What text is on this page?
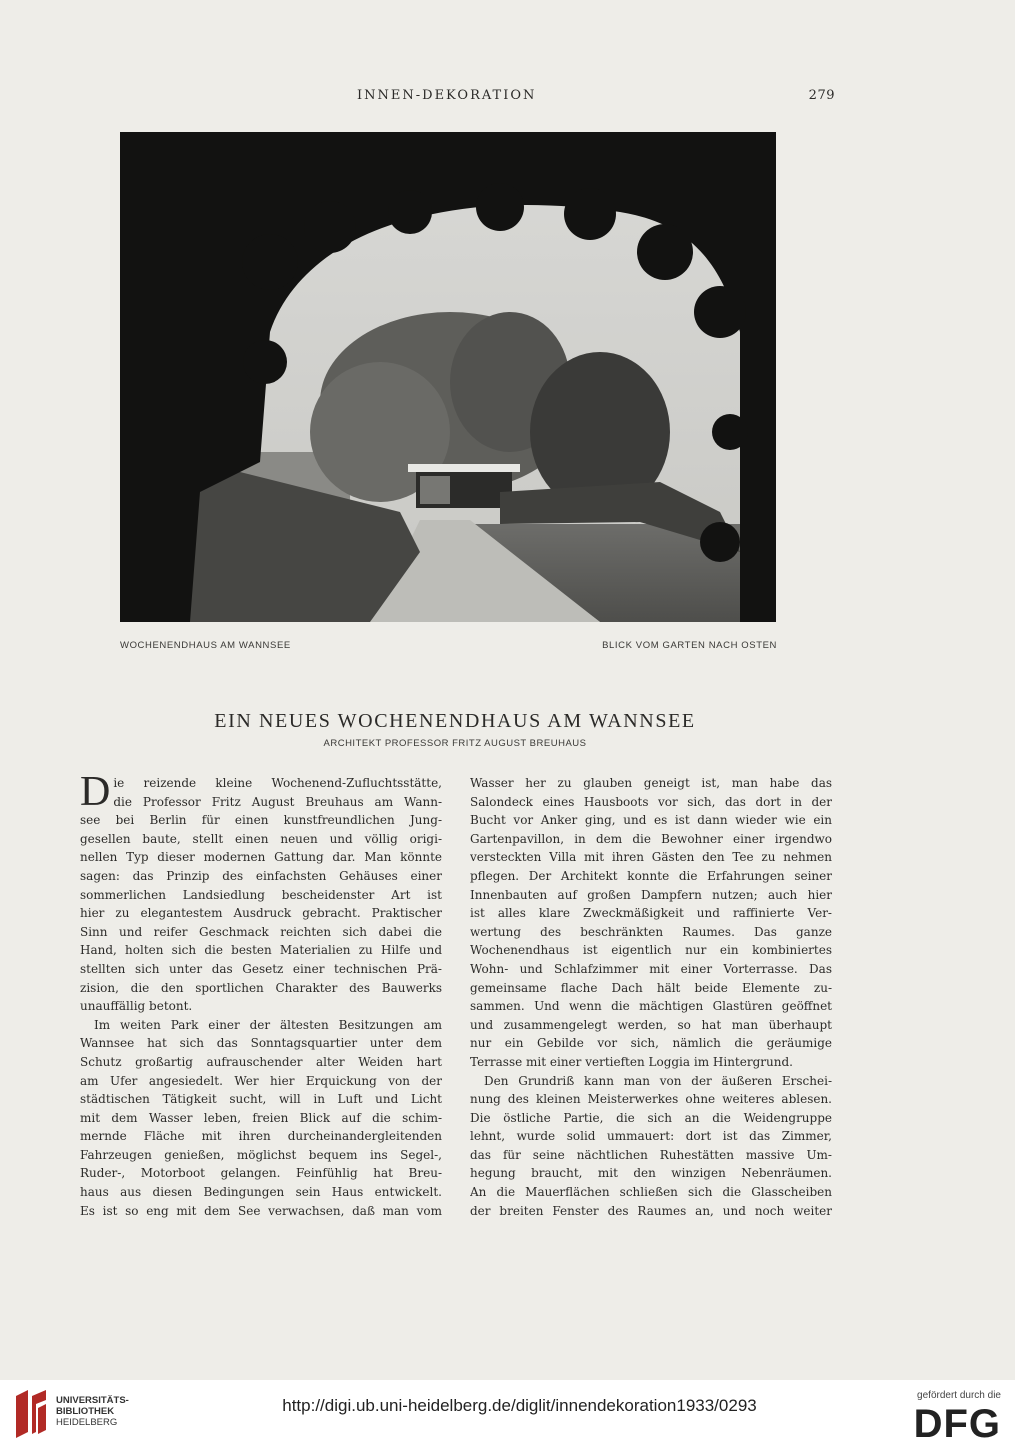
INNEN-DEKORATION	279
WOCHENENDHAUS AM WANNSEE	BLICK VOM GARTEN NACH OSTEN
EIN NEUES WOCHENENDHAUS AM WANNSEE
ARCHITEKT PROFESSOR FRITZ AUGUST BREUHAUS
D ie reizende kleine Wochenend-Zufluchtsstätte,
die Professor Fritz August Breuhaus am Wann-
see bei Berlin für einen kunstfreundlichen Jung-
gesellen baute, stellt einen neuen und völlig origi-
nellen Typ dieser modernen Gattung dar. Man könnte
sagen: das Prinzip des einfachsten Gehäuses einer
sommerlichen Landsiedlung bescheidenster Art ist
hier zu elegantestem Ausdruck gebracht. Praktischer
Sinn und reifer Geschmack reichten sich dabei die
Hand, holten sich die besten Materialien zu Hilfe und
stellten sich unter das Gesetz einer technischen Prä-
zision, die den sportlichen Charakter des Bauwerks
unauffällig betont.
Im weiten Park einer der ältesten Besitzungen am
Wannsee hat sich das Sonntagsquartier unter dem
Schutz großartig aufrauschender alter Weiden hart
am Ufer angesiedelt. Wer hier Erquickung von der
städtischen Tätigkeit sucht, will in Luft und Licht
mit dem Wasser leben, freien Blick auf die schim-
mernde Fläche mit ihren durcheinandergleitenden
Fahrzeugen genießen, möglichst bequem ins Segel-,
Ruder-, Motorboot gelangen. Feinfühlig hat Breu-
haus aus diesen Bedingungen sein Haus entwickelt.
Es ist so eng mit dem See verwachsen, daß man vom
Wasser her zu glauben geneigt ist, man habe das
Salondeck eines Hausboots vor sich, das dort in der
Bucht vor Anker ging, und es ist dann wieder wie ein
Gartenpavillon, in dem die Bewohner einer irgendwo
versteckten Villa mit ihren Gästen den Tee zu nehmen
pflegen. Der Architekt konnte die Erfahrungen seiner
Innenbauten auf großen Dampfern nutzen; auch hier
ist alles klare Zweckmäßigkeit und raffinierte Ver-
wertung des beschränkten Raumes. Das ganze
Wochenendhaus ist eigentlich nur ein kombiniertes
Wohn- und Schlafzimmer mit einer Vorterrasse. Das
gemeinsame flache Dach hält beide Elemente zu-
sammen. Und wenn die mächtigen Glastüren geöffnet
und zusammengelegt werden, so hat man überhaupt
nur ein Gebilde vor sich, nämlich die geräumige
Terrasse mit einer vertieften Loggia im Hintergrund.
Den Grundriß kann man von der äußeren Erschei-
nung des kleinen Meisterwerkes ohne weiteres ablesen.
Die östliche Partie, die sich an die Weidengruppe
lehnt, wurde solid ummauert: dort ist das Zimmer,
das für seine nächtlichen Ruhestätten massive Um-
hegung braucht, mit den winzigen Nebenräumen.
An die Mauerflächen schließen sich die Glasscheiben
der breiten Fenster des Raumes an, und noch weiter
UNIVERSITÄTS-
BIBLIOTHEK
HEIDELBERG
http://digi.ub.uni-heidelberg.de/diglit/innendekoration1933/0293
gefördert durch die
DFG
